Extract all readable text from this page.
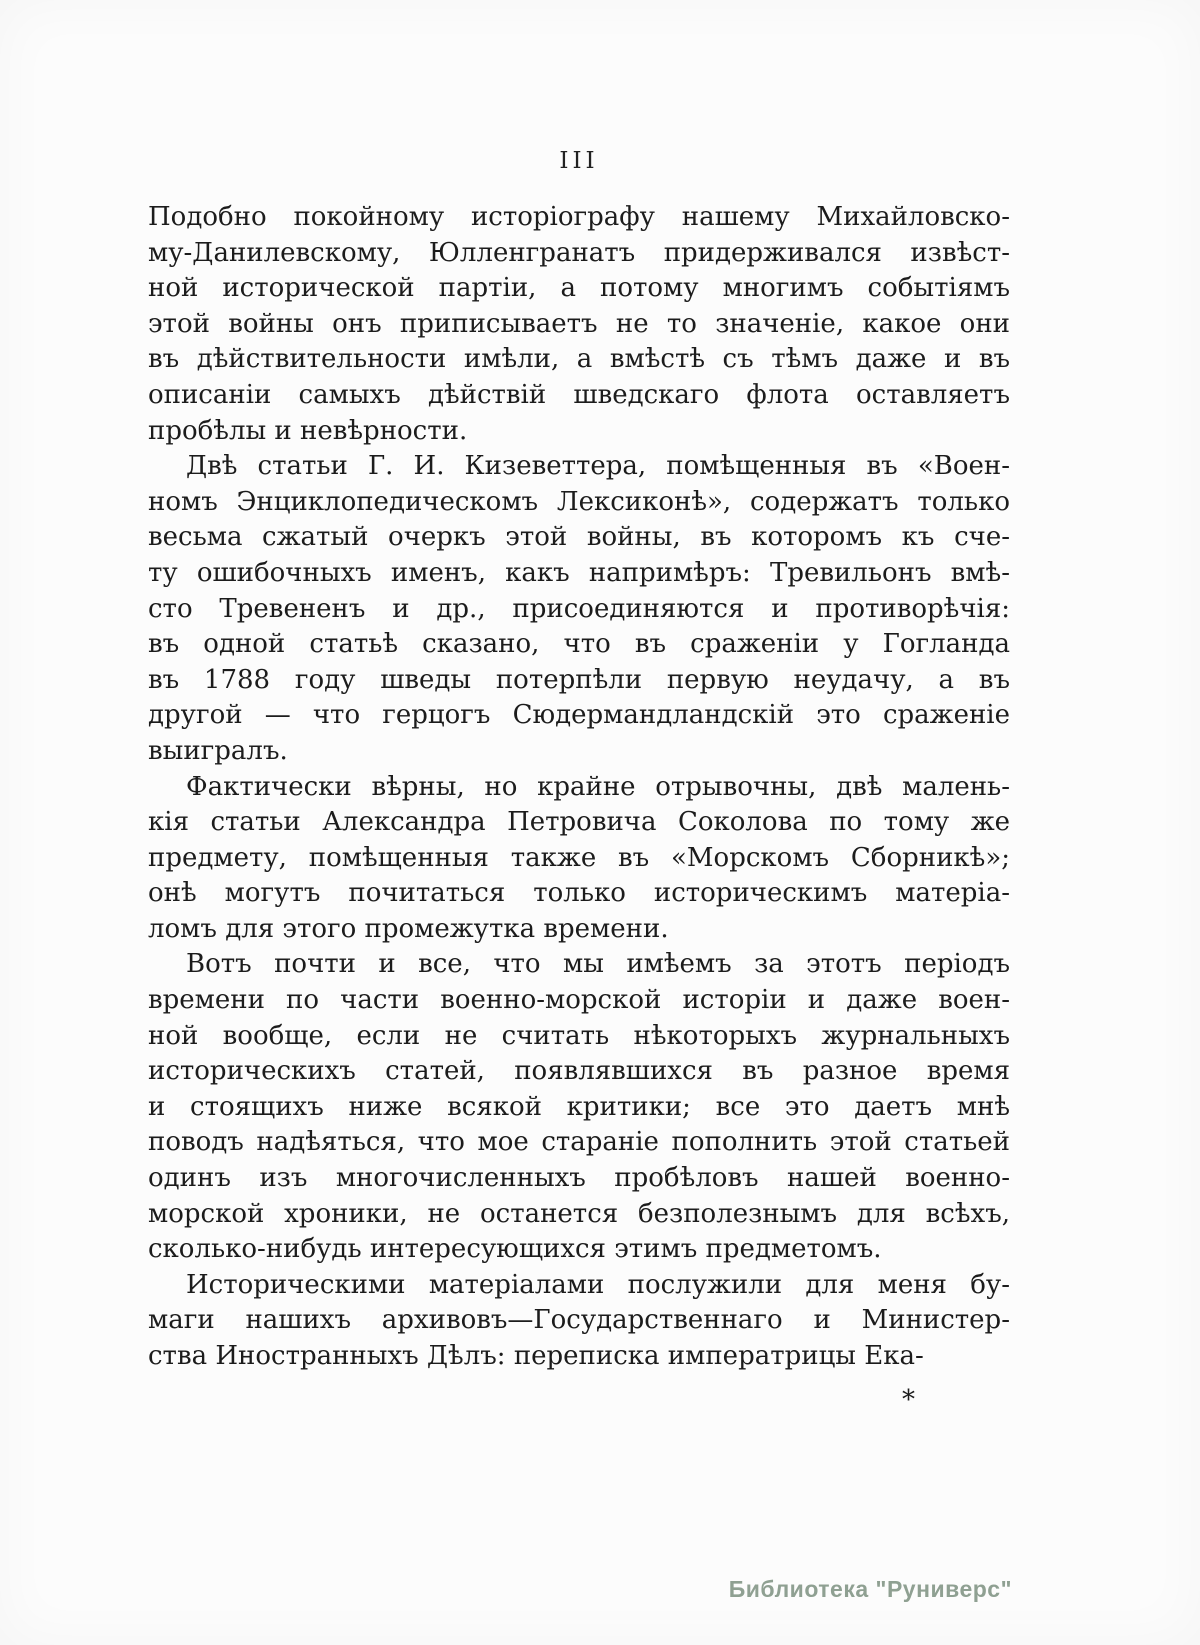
III
Подобно покойному исторіографу нашему Михайловско-
му-Данилевскому, Юлленгранатъ придерживался извѣст-
ной исторической партіи, а потому многимъ событіямъ
этой войны онъ приписываетъ не то значеніе, какое они
въ дѣйствительности имѣли, а вмѣстѣ съ тѣмъ даже и въ
описаніи самыхъ дѣйствій шведскаго флота оставляетъ
пробѣлы и невѣрности.
Двѣ статьи Г. И. Кизеветтера, помѣщенныя въ «Воен-
номъ Энциклопедическомъ Лексиконѣ», содержатъ только
весьма сжатый очеркъ этой войны, въ которомъ къ сче-
ту ошибочныхъ именъ, какъ напримѣръ: Тревильонъ вмѣ-
сто Тревененъ и др., присоединяются и противорѣчія:
въ одной статьѣ сказано, что въ сраженіи у Гогланда
въ 1788 году шведы потерпѣли первую неудачу, а въ
другой — что герцогъ Сюдермандландскій это сраженіе
выигралъ.
Фактически вѣрны, но крайне отрывочны, двѣ малень-
кія статьи Александра Петровича Соколова по тому же
предмету, помѣщенныя также въ «Морскомъ Сборникѣ»;
онѣ могутъ почитаться только историческимъ матеріа-
ломъ для этого промежутка времени.
Вотъ почти и все, что мы имѣемъ за этотъ періодъ
времени по части военно-морской исторіи и даже воен-
ной вообще, если не считать нѣкоторыхъ журнальныхъ
историческихъ статей, появлявшихся въ разное время
и стоящихъ ниже всякой критики; все это даетъ мнѣ
поводъ надѣяться, что мое стараніе пополнить этой статьей
одинъ изъ многочисленныхъ пробѣловъ нашей военно-
морской хроники, не останется безполезнымъ для всѣхъ,
сколько-нибудь интересующихся этимъ предметомъ.
Историческими матеріалами послужили для меня бу-
маги нашихъ архивовъ—Государственнаго и Министер-
ства Иностранныхъ Дѣлъ: переписка императрицы Ека-
*
Библиотека "Руниверс"
